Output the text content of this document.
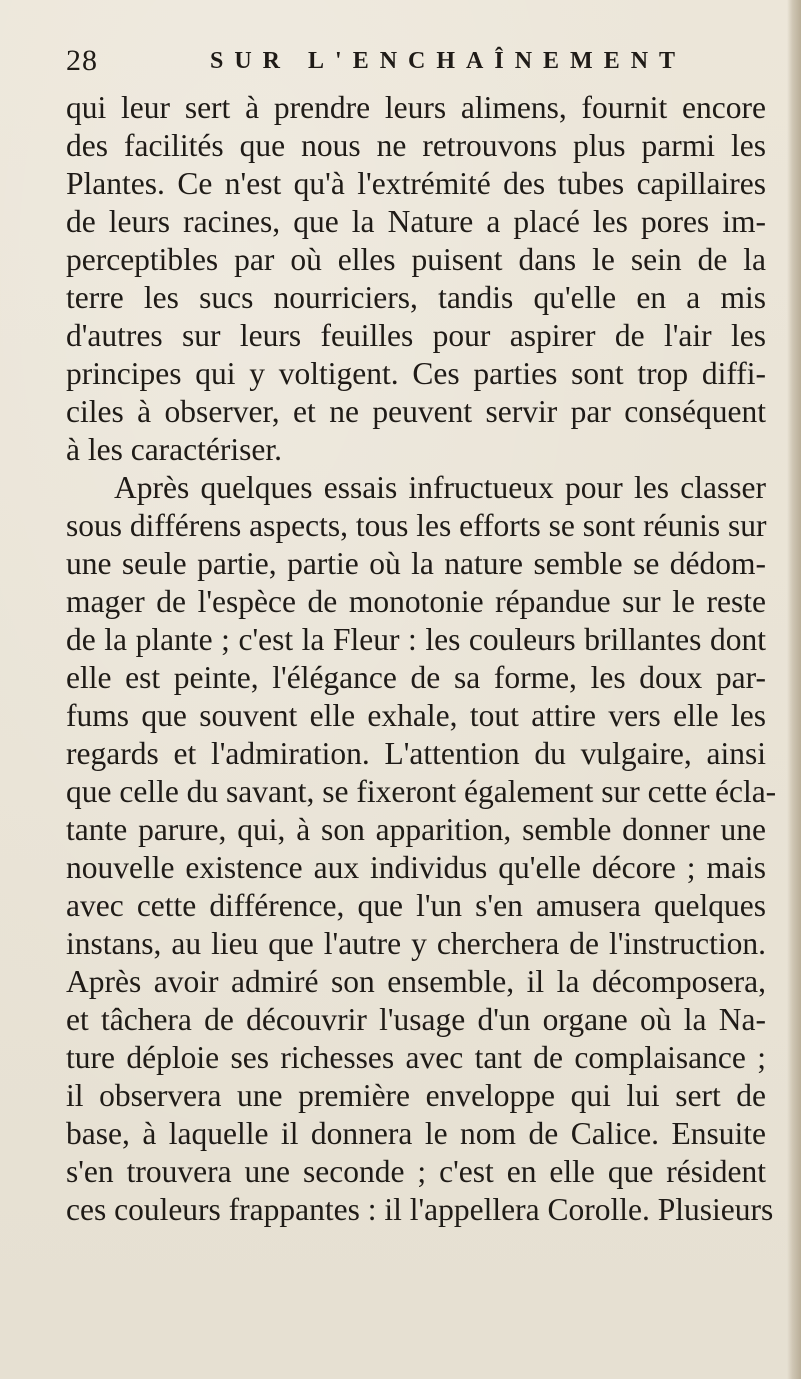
28	SUR L'ENCHAÎNEMENT
qui leur sert à prendre leurs alimens, fournit encore
des facilités que nous ne retrouvons plus parmi les
Plantes. Ce n'est qu'à l'extrémité des tubes capillaires
de leurs racines, que la Nature a placé les pores im-
perceptibles par où elles puisent dans le sein de la
terre les sucs nourriciers, tandis qu'elle en a mis
d'autres sur leurs feuilles pour aspirer de l'air les
principes qui y voltigent. Ces parties sont trop diffi-
ciles à observer, et ne peuvent servir par conséquent
à les caractériser.
Après quelques essais infructueux pour les classer
sous différens aspects, tous les efforts se sont réunis sur
une seule partie, partie où la nature semble se dédom-
mager de l'espèce de monotonie répandue sur le reste
de la plante ; c'est la Fleur : les couleurs brillantes dont
elle est peinte, l'élégance de sa forme, les doux par-
fums que souvent elle exhale, tout attire vers elle les
regards et l'admiration. L'attention du vulgaire, ainsi
que celle du savant, se fixeront également sur cette écla-
tante parure, qui, à son apparition, semble donner une
nouvelle existence aux individus qu'elle décore ; mais
avec cette différence, que l'un s'en amusera quelques
instans, au lieu que l'autre y cherchera de l'instruction.
Après avoir admiré son ensemble, il la décomposera,
et tâchera de découvrir l'usage d'un organe où la Na-
ture déploie ses richesses avec tant de complaisance ;
il observera une première enveloppe qui lui sert de
base, à laquelle il donnera le nom de Calice. Ensuite
s'en trouvera une seconde ; c'est en elle que résident
ces couleurs frappantes : il l'appellera Corolle. Plusieurs
